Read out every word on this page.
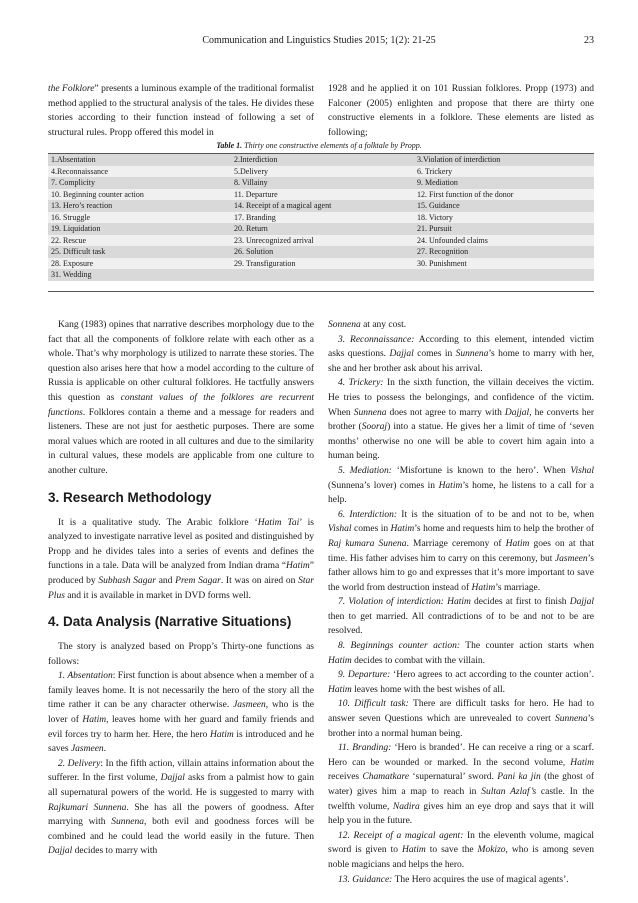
Communication and Linguistics Studies 2015; 1(2): 21-25	23

the Folklore” presents a luminous example of the traditional formalist method applied to the structural analysis of the tales. He divides these stories according to their function instead of following a set of structural rules. Propp offered this model in

1928 and he applied it on 101 Russian folklores. Propp (1973) and Falconer (2005) enlighten and propose that there are thirty one constructive elements in a folklore. These elements are listed as following;

Table 1. Thirty one constructive elements of a folktale by Propp.
1.Absentation	2.Interdiction	3.Violation of interdiction
4.Reconnaissance	5.Delivery	6. Trickery
7. Complicity	8. Villainy	9. Mediation
10. Beginning counter action	11. Departure	12. First function of the donor
13. Hero’s reaction	14. Receipt of a magical agent	15. Guidance
16. Struggle	17. Branding	18. Victory
19. Liquidation	20. Return	21. Pursuit
22. Rescue	23. Unrecognized arrival	24. Unfounded claims
25. Difficult task	26. Solution	27. Recognition
28. Exposure	29. Transfiguration	30. Punishment
31. Wedding		

Kang (1983) opines that narrative describes morphology due to the fact that all the components of folklore relate with each other as a whole. That’s why morphology is utilized to narrate these stories. The question also arises here that how a model according to the culture of Russia is applicable on other cultural folklores. He tactfully answers this question as constant values of the folklores are recurrent functions. Folklores contain a theme and a message for readers and listeners. These are not just for aesthetic purposes. There are some moral values which are rooted in all cultures and due to the similarity in cultural values, these models are applicable from one culture to another culture.

3. Research Methodology

It is a qualitative study. The Arabic folklore ‘Hatim Tai’ is analyzed to investigate narrative level as posited and distinguished by Propp and he divides tales into a series of events and defines the functions in a tale. Data will be analyzed from Indian drama “Hatim” produced by Subhash Sagar and Prem Sagar. It was on aired on Star Plus and it is available in market in DVD forms well.

4. Data Analysis (Narrative Situations)

The story is analyzed based on Propp’s Thirty-one functions as follows:

1. Absentation: First function is about absence when a member of a family leaves home. It is not necessarily the hero of the story all the time rather it can be any character otherwise. Jasmeen, who is the lover of Hatim, leaves home with her guard and family friends and evil forces try to harm her. Here, the hero Hatim is introduced and he saves Jasmeen.

2. Delivery: In the fifth action, villain attains information about the sufferer. In the first volume, Dajjal asks from a palmist how to gain all supernatural powers of the world. He is suggested to marry with Rajkumari Sunnena. She has all the powers of goodness. After marrying with Sunnena, both evil and goodness forces will be combined and he could lead the world easily in the future. Then Dajjal decides to marry with

Sonnena at any cost.

3. Reconnaissance: According to this element, intended victim asks questions. Dajjal comes in Sunnena’s home to marry with her, she and her brother ask about his arrival.

4. Trickery: In the sixth function, the villain deceives the victim. He tries to possess the belongings, and confidence of the victim. When Sunnena does not agree to marry with Dajjal, he converts her brother (Sooraj) into a statue. He gives her a limit of time of ‘seven months’ otherwise no one will be able to covert him again into a human being.

5. Mediation: ‘Misfortune is known to the hero’. When Vishal (Sunnena’s lover) comes in Hatim’s home, he listens to a call for a help.

6. Interdiction: It is the situation of to be and not to be, when Vishal comes in Hatim’s home and requests him to help the brother of Raj kumara Sunena. Marriage ceremony of Hatim goes on at that time. His father advises him to carry on this ceremony, but Jasmeen’s father allows him to go and expresses that it’s more important to save the world from destruction instead of Hatim’s marriage.

7. Violation of interdiction: Hatim decides at first to finish Dajjal then to get married. All contradictions of to be and not to be are resolved.

8. Beginnings counter action: The counter action starts when Hatim decides to combat with the villain.

9. Departure: ‘Hero agrees to act according to the counter action’. Hatim leaves home with the best wishes of all.

10. Difficult task: There are difficult tasks for hero. He had to answer seven Questions which are unrevealed to covert Sunnena’s brother into a normal human being.

11. Branding: ‘Hero is branded’. He can receive a ring or a scarf. Hero can be wounded or marked. In the second volume, Hatim receives Chamatkare ‘supernatural’ sword. Pani ka jin (the ghost of water) gives him a map to reach in Sultan Azlaf’s castle. In the twelfth volume, Nadira gives him an eye drop and says that it will help you in the future.

12. Receipt of a magical agent: In the eleventh volume, magical sword is given to Hatim to save the Mokizo, who is among seven noble magicians and helps the hero.

13. Guidance: The Hero acquires the use of magical agents’.
